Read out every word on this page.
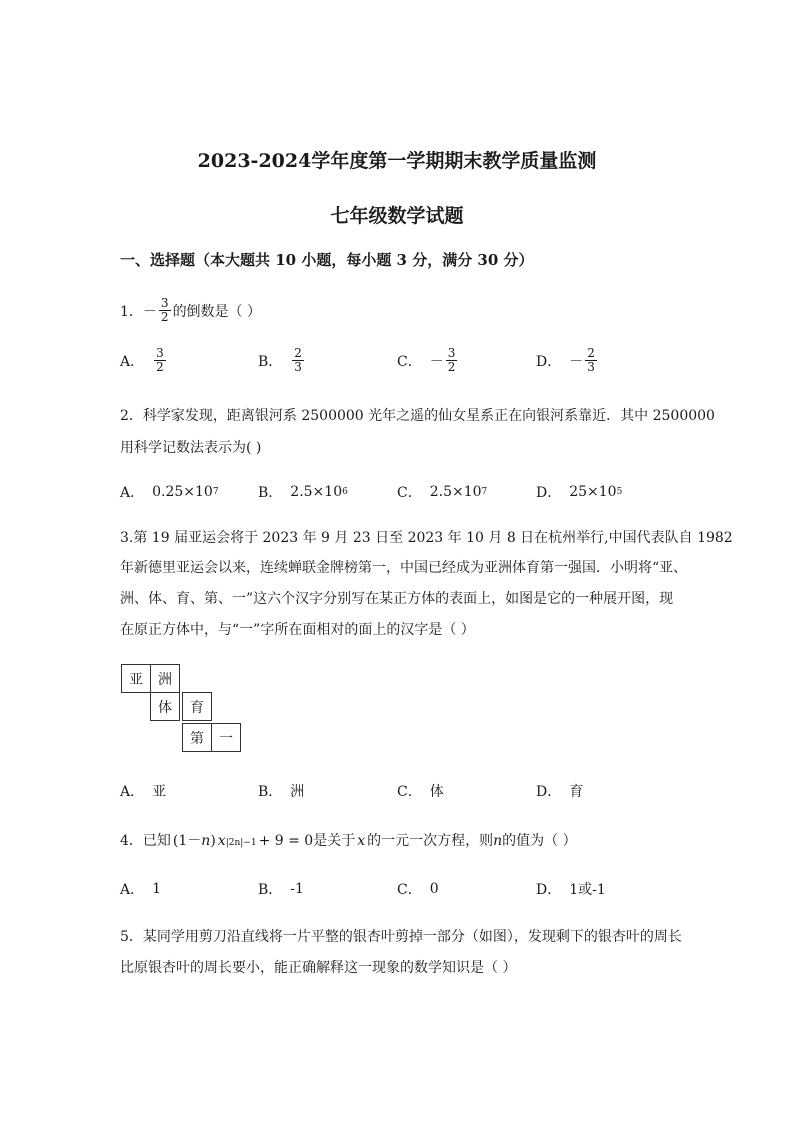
2023-2024学年度第一学期期末教学质量监测
七年级数学试题
一、选择题（本大题共 10 小题，每小题 3 分，满分 30 分）
1． － $\frac{3}{2}$ 的倒数是（ ）
A． $\frac{3}{2}$	B． $\frac{2}{3}$	C． － $\frac{3}{2}$	D． － $\frac{2}{3}$
2．科学家发现，距离银河系 2500000 光年之遥的仙女星系正在向银河系靠近．其中 2500000
用科学记数法表示为( )
A． 0.25×10 7	B． 2.5×10 6	C． 2.5×10 7	D． 25×10 5
3.第 19 届亚运会将于 2023 年 9 月 23 日至 2023 年 10 月 8 日在杭州举行,中国代表队自 1982
年新德里亚运会以来，连续蝉联金牌榜第一，中国已经成为亚洲体育第一强国．小明将“亚、
洲、体、育、第、一”这六个汉字分别写在某正方体的表面上，如图是它的一种展开图，现
在原正方体中，与“一”字所在面相对的面上的汉字是（ ）
亚	洲
体	育
第	一
A． 亚	B． 洲	C． 体	D． 育
4．已知 (1－ n ) x |2n|−1 + 9 = 0 是关于 x 的一元一次方程，则 n 的值为（ ）
A． 1	B． -1	C． 0	D． 1或-1
5．某同学用剪刀沿直线将一片平整的银杏叶剪掉一部分（如图），发现剩下的银杏叶的周长
比原银杏叶的周长要小，能正确解释这一现象的数学知识是（ ）
